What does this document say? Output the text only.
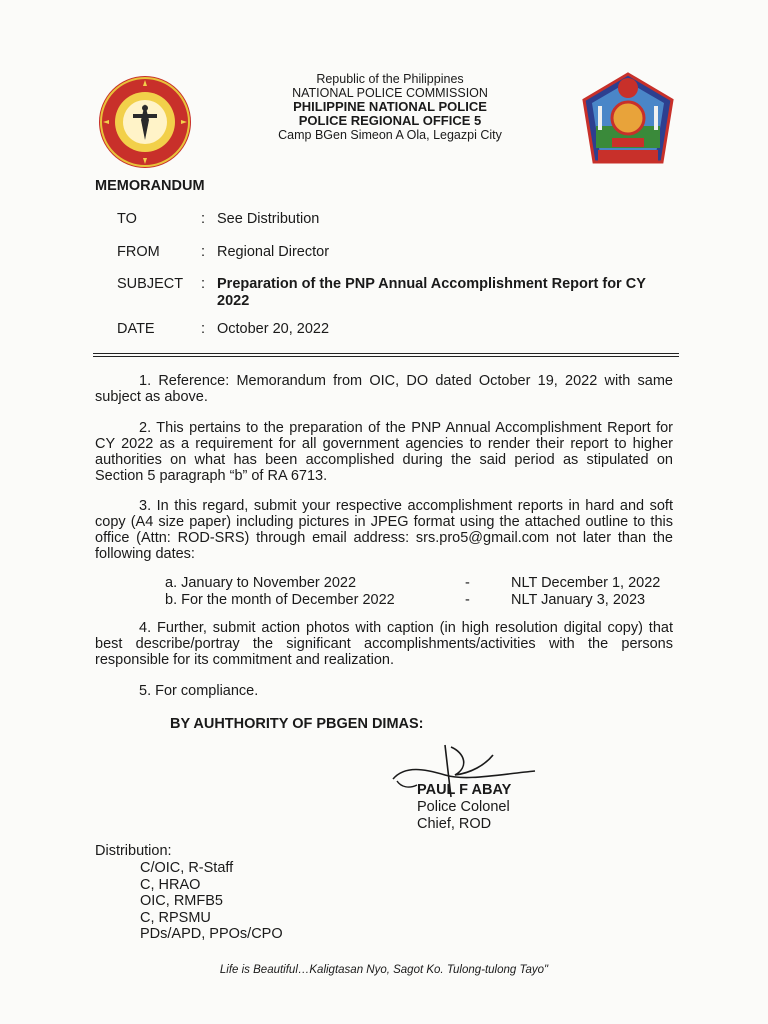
Republic of the Philippines
NATIONAL POLICE COMMISSION
PHILIPPINE NATIONAL POLICE
POLICE REGIONAL OFFICE 5
Camp BGen Simeon A Ola, Legazpi City
MEMORANDUM
TO	: See Distribution
FROM	: Regional Director
SUBJECT	: Preparation of the PNP Annual Accomplishment Report for CY 2022
DATE	: October 20, 2022
1. Reference: Memorandum from OIC, DO dated October 19, 2022 with same subject as above.
2. This pertains to the preparation of the PNP Annual Accomplishment Report for CY 2022 as a requirement for all government agencies to render their report to higher authorities on what has been accomplished during the said period as stipulated on Section 5 paragraph “b” of RA 6713.
3. In this regard, submit your respective accomplishment reports in hard and soft copy (A4 size paper) including pictures in JPEG format using the attached outline to this office (Attn: ROD-SRS) through email address: srs.pro5@gmail.com not later than the following dates:
a. January to November 2022	-	NLT December 1, 2022
b. For the month of December 2022	-	NLT January 3, 2023
4. Further, submit action photos with caption (in high resolution digital copy) that best describe/portray the significant accomplishments/activities with the persons responsible for its commitment and realization.
5. For compliance.
BY AUHTHORITY OF PBGEN DIMAS:
PAUL F ABAY
Police Colonel
Chief, ROD
Distribution:
C/OIC, R-Staff
C, HRAO
OIC, RMFB5
C, RPSMU
PDs/APD, PPOs/CPO
Life is Beautiful…Kaligtasan Nyo, Sagot Ko. Tulong-tulong Tayo"
